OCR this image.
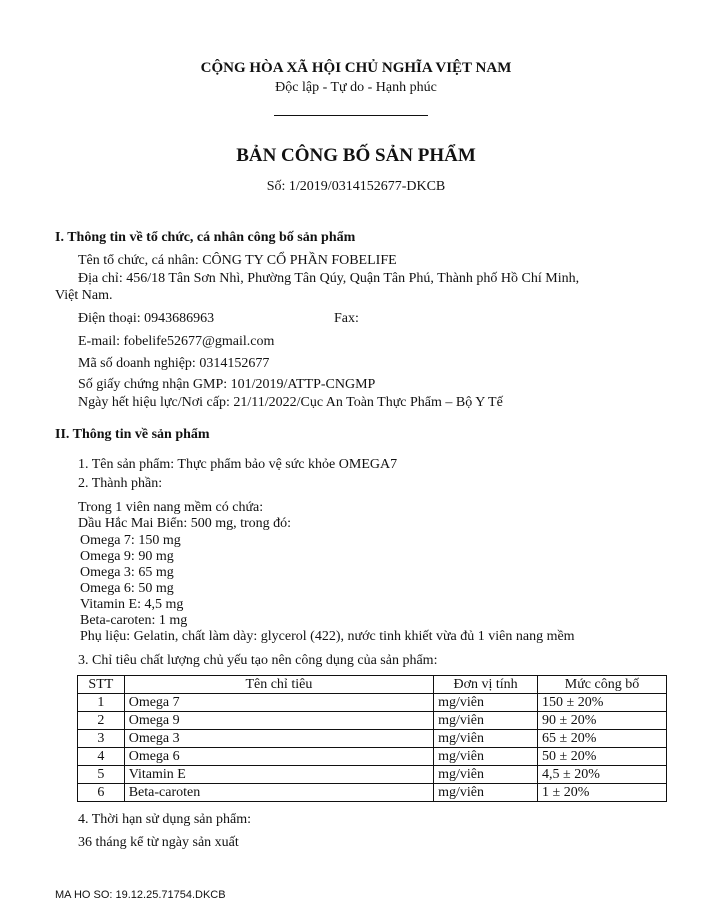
CỘNG HÒA XÃ HỘI CHỦ NGHĨA VIỆT NAM
Độc lập - Tự do - Hạnh phúc
BẢN CÔNG BỐ SẢN PHẨM
Số: 1/2019/0314152677-DKCB
I. Thông tin về tổ chức, cá nhân công bố sản phẩm
Tên tổ chức, cá nhân: CÔNG TY CỔ PHẦN FOBELIFE
Địa chỉ: 456/18 Tân Sơn Nhì, Phường Tân Qúy, Quận Tân Phú, Thành phố Hồ Chí Minh,
Việt Nam.
Điện thoại: 0943686963	Fax:
E-mail: fobelife52677@gmail.com
Mã số doanh nghiệp: 0314152677
Số giấy chứng nhận GMP: 101/2019/ATTP-CNGMP
Ngày hết hiệu lực/Nơi cấp: 21/11/2022/Cục An Toàn Thực Phẩm – Bộ Y Tế
II. Thông tin về sản phẩm
1. Tên sản phẩm: Thực phẩm bảo vệ sức khỏe OMEGA7
2. Thành phần:
Trong 1 viên nang mềm có chứa:
Dầu Hắc Mai Biển: 500 mg, trong đó:
Omega 7: 150 mg
Omega 9: 90 mg
Omega 3: 65 mg
Omega 6: 50 mg
Vitamin E: 4,5 mg
Beta-caroten: 1 mg
Phụ liệu: Gelatin, chất làm dày: glycerol (422), nước tinh khiết vừa đủ 1 viên nang mềm
3. Chỉ tiêu chất lượng chủ yếu tạo nên công dụng của sản phẩm:
STT	Tên chỉ tiêu	Đơn vị tính	Mức công bố
1	Omega 7	mg/viên	150 ± 20%
2	Omega 9	mg/viên	90 ± 20%
3	Omega 3	mg/viên	65 ± 20%
4	Omega 6	mg/viên	50 ± 20%
5	Vitamin E	mg/viên	4,5 ± 20%
6	Beta-caroten	mg/viên	1 ± 20%
4. Thời hạn sử dụng sản phẩm:
36 tháng kể từ ngày sản xuất
MA HO SO: 19.12.25.71754.DKCB
